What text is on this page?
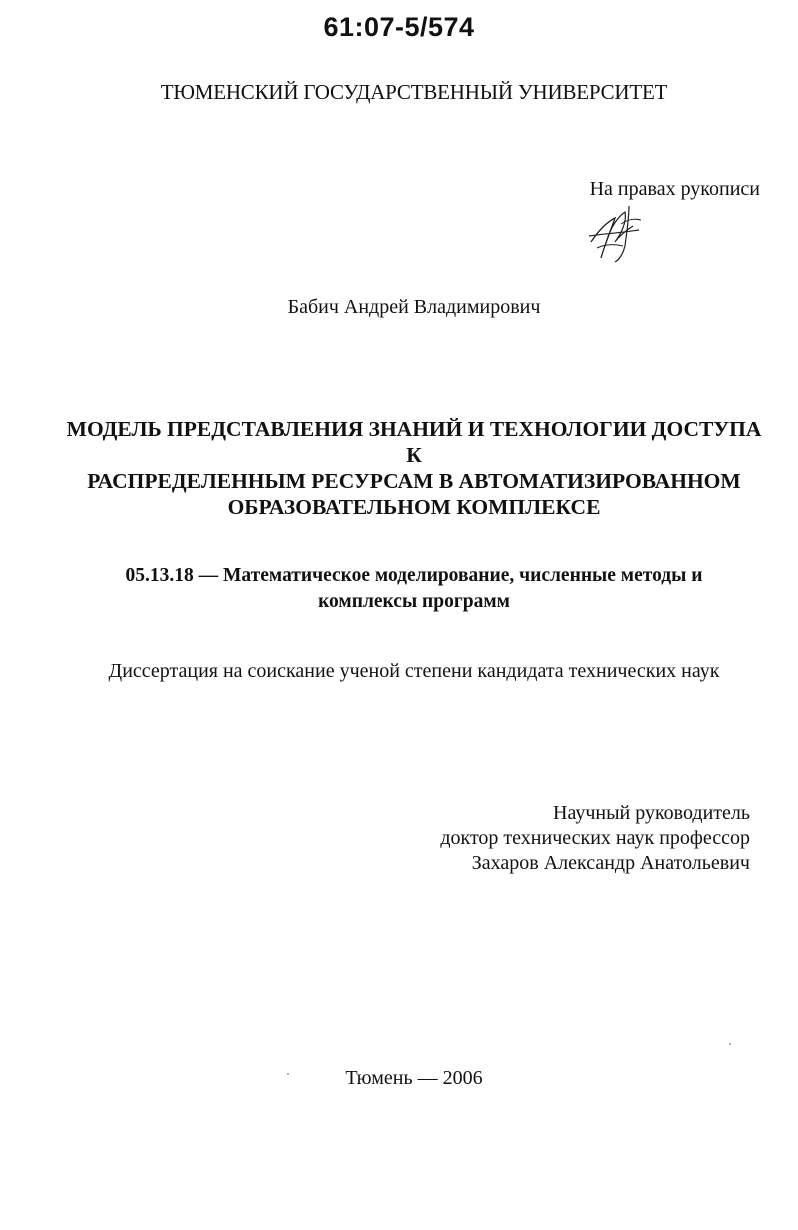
61:07-5/574
ТЮМЕНСКИЙ ГОСУДАРСТВЕННЫЙ УНИВЕРСИТЕТ
На правах рукописи
Бабич Андрей Владимирович
МОДЕЛЬ ПРЕДСТАВЛЕНИЯ ЗНАНИЙ И ТЕХНОЛОГИИ ДОСТУПА К
РАСПРЕДЕЛЕННЫМ РЕСУРСАМ В АВТОМАТИЗИРОВАННОМ
ОБРАЗОВАТЕЛЬНОМ КОМПЛЕКСЕ
05.13.18 — Математическое моделирование, численные методы и
комплексы программ
Диссертация на соискание ученой степени кандидата технических наук
Научный руководитель
доктор технических наук профессор
Захаров Александр Анатольевич
Тюмень — 2006
